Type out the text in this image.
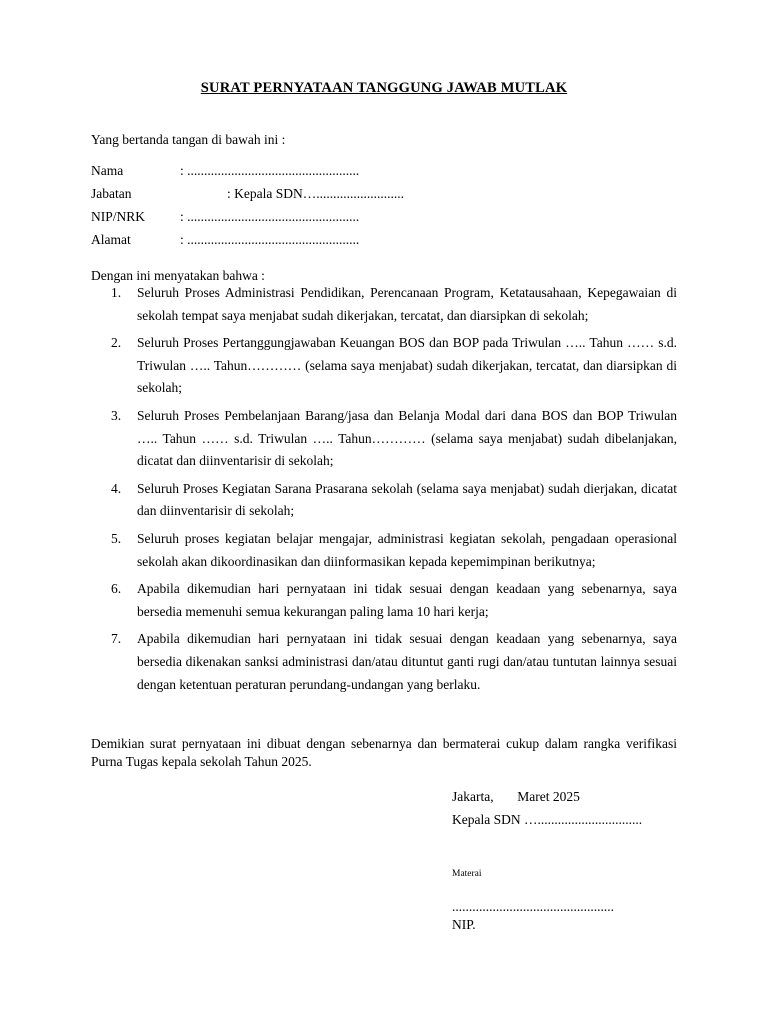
SURAT PERNYATAAN TANGGUNG JAWAB MUTLAK
Yang bertanda tangan di bawah ini :
Nama	: ...................................................
Jabatan	: Kepala SDN…..........................
NIP/NRK	: ...................................................
Alamat	: ...................................................
Dengan ini menyatakan bahwa :
1. Seluruh Proses Administrasi Pendidikan, Perencanaan Program, Ketatausahaan, Kepegawaian di sekolah tempat saya menjabat sudah dikerjakan, tercatat, dan diarsipkan di sekolah;
2. Seluruh Proses Pertanggungjawaban Keuangan BOS dan BOP pada Triwulan ….. Tahun …… s.d. Triwulan ….. Tahun………… (selama saya menjabat) sudah dikerjakan, tercatat, dan diarsipkan di sekolah;
3. Seluruh Proses Pembelanjaan Barang/jasa dan Belanja Modal dari dana BOS dan BOP Triwulan ….. Tahun …… s.d. Triwulan ….. Tahun………… (selama saya menjabat) sudah dibelanjakan, dicatat dan diinventarisir di sekolah;
4. Seluruh Proses Kegiatan Sarana Prasarana sekolah (selama saya menjabat) sudah dierjakan, dicatat dan diinventarisir di sekolah;
5. Seluruh proses kegiatan belajar mengajar, administrasi kegiatan sekolah, pengadaan operasional sekolah akan dikoordinasikan dan diinformasikan kepada kepemimpinan berikutnya;
6. Apabila dikemudian hari pernyataan ini tidak sesuai dengan keadaan yang sebenarnya, saya bersedia memenuhi semua kekurangan paling lama 10 hari kerja;
7. Apabila dikemudian hari pernyataan ini tidak sesuai dengan keadaan yang sebenarnya, saya bersedia dikenakan sanksi administrasi dan/atau dituntut ganti rugi dan/atau tuntutan lainnya sesuai dengan ketentuan peraturan perundang-undangan yang berlaku.
Demikian surat pernyataan ini dibuat dengan sebenarnya dan bermaterai cukup dalam rangka verifikasi Purna Tugas kepala sekolah Tahun 2025.
Jakarta,       Maret 2025
Kepala SDN …...............................
Materai
................................................
NIP.
